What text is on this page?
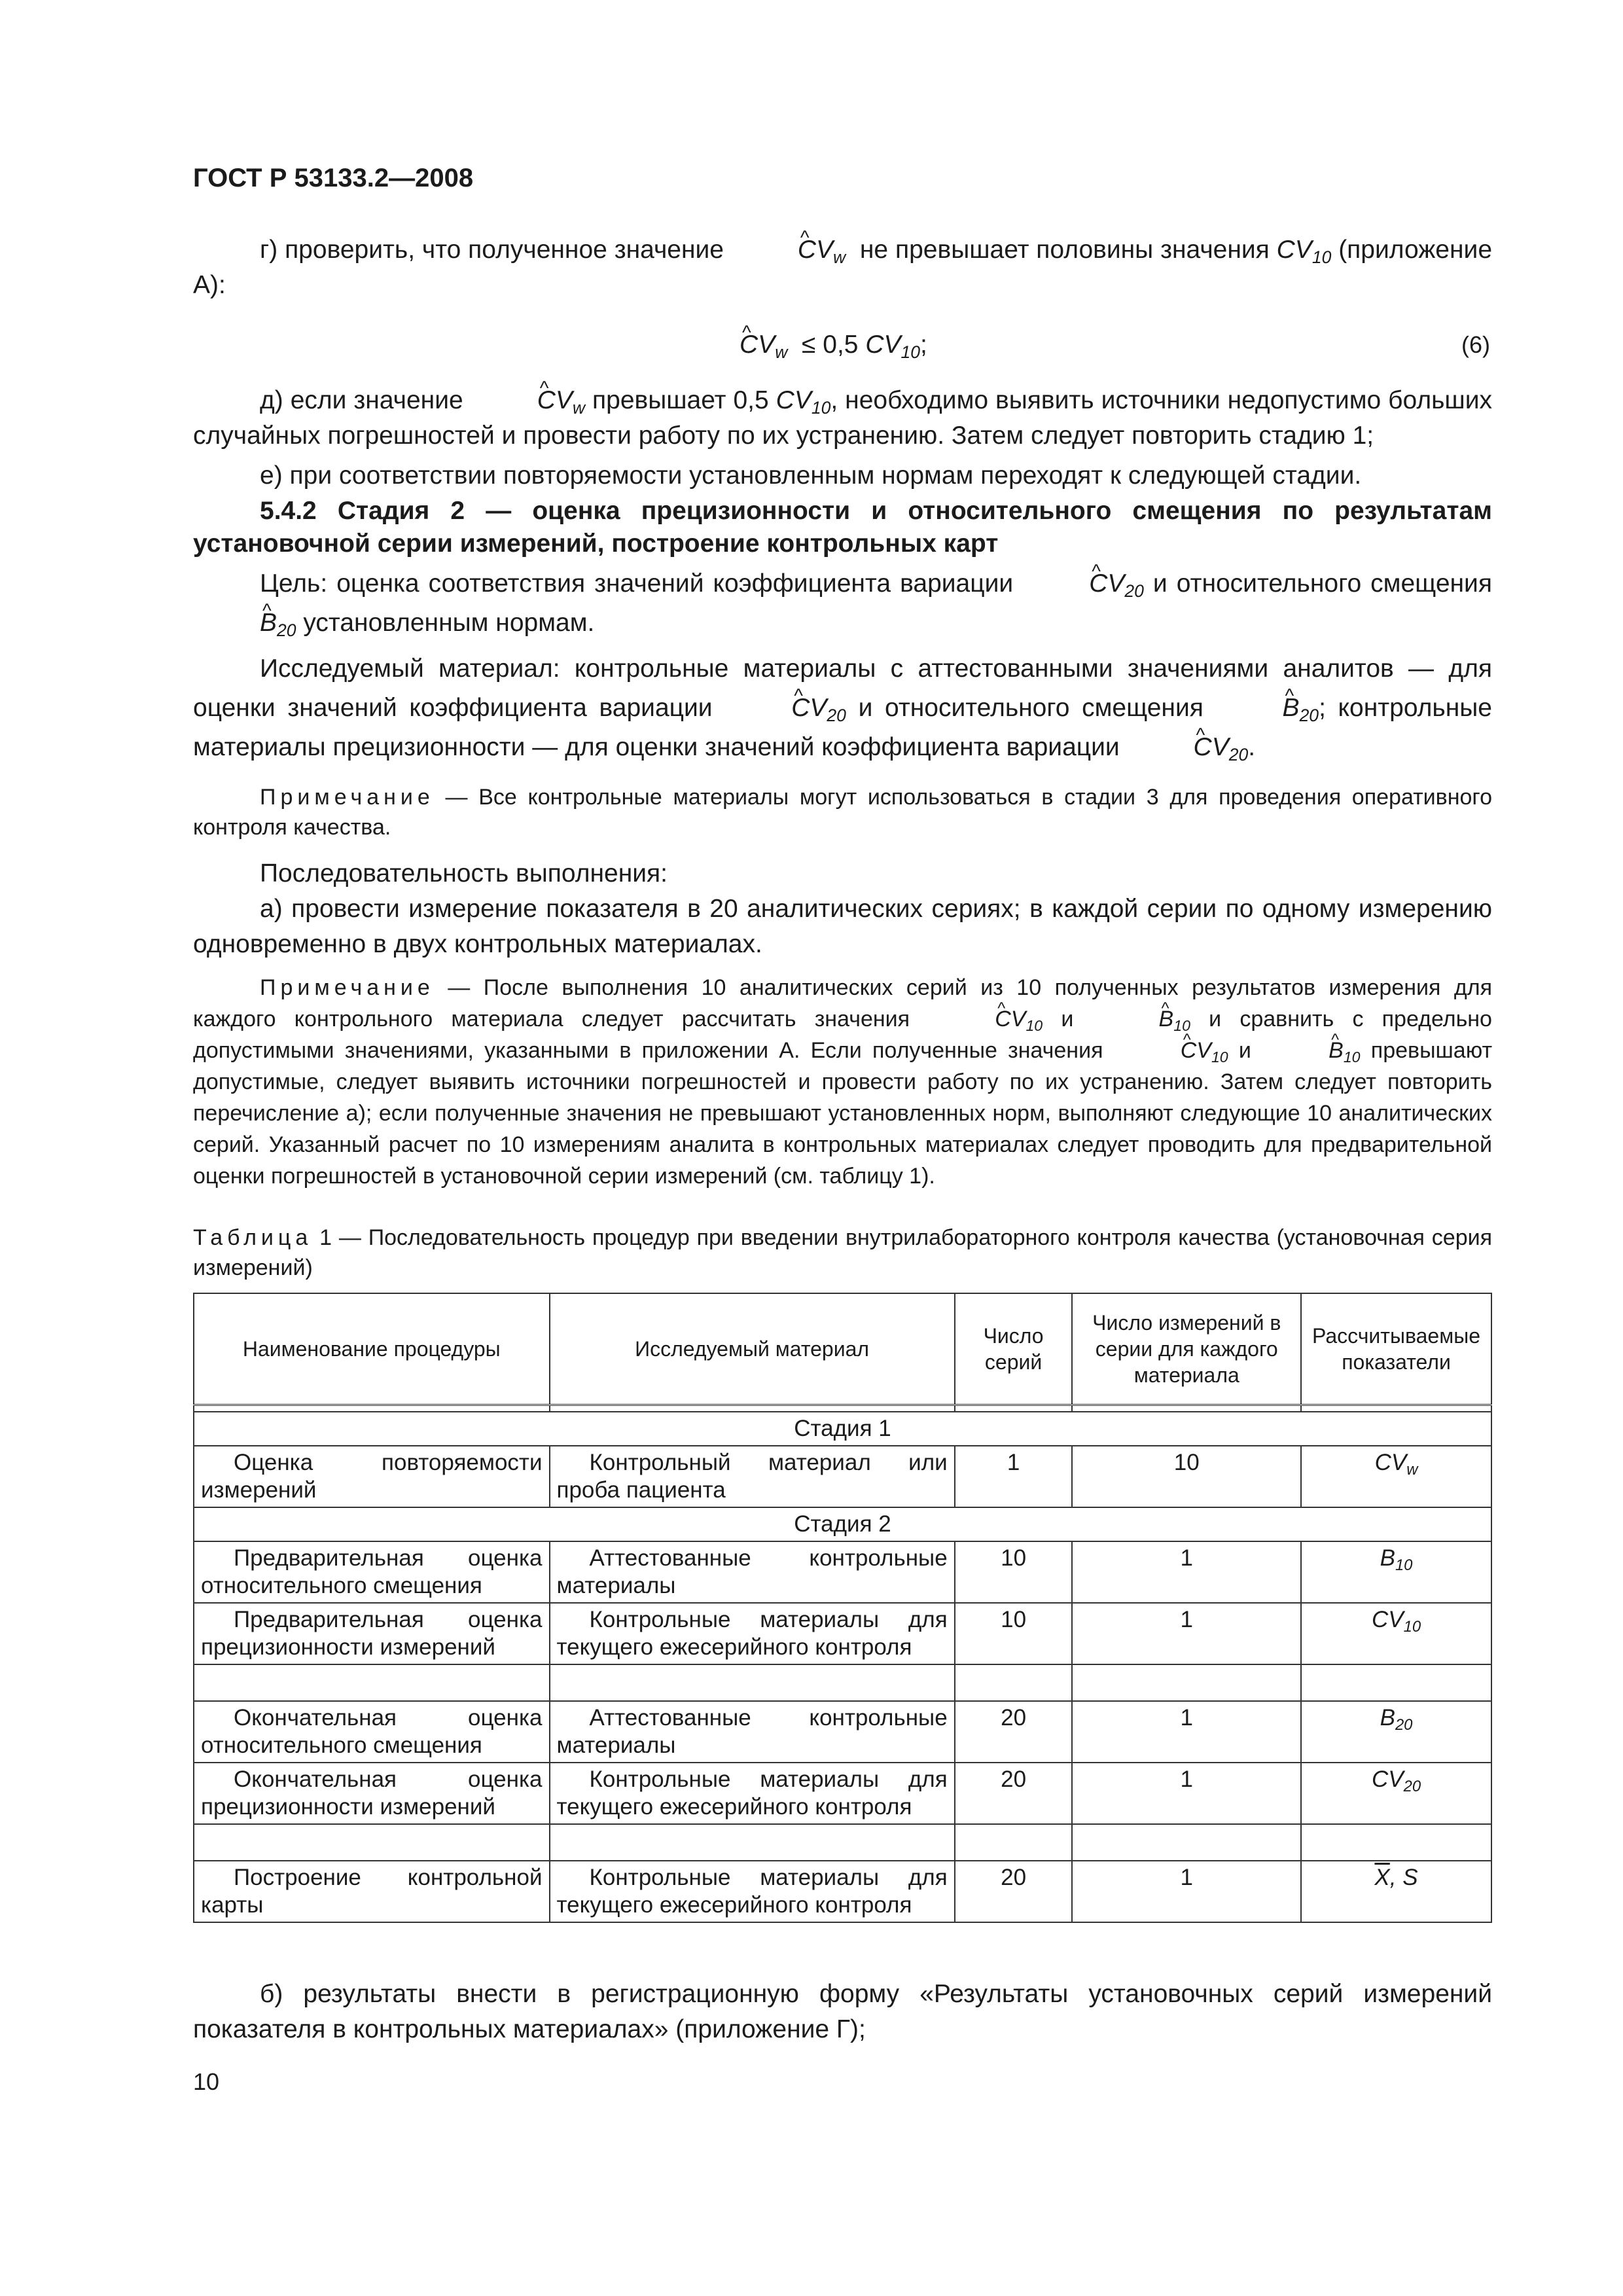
ГОСТ Р 53133.2—2008
г) проверить, что полученное значение	^ $CV_w$ не превышает половины значения $CV_{10}$ (приложение А):
^ $CV_w \le 0,5$ $CV_{10}$;	(6)
д) если значение	^ $CV_w$ превышает 0,5 $CV_{10}$, необходимо выявить источники недопустимо больших случайных погрешностей и провести работу по их устранению. Затем следует повторить стадию 1;
е) при соответствии повторяемости установленным нормам переходят к следующей стадии.
5.4.2 Стадия 2 — оценка прецизионности и относительного смещения по результатам установочной серии измерений, построение контрольных карт
Цель: оценка соответствия значений коэффициента вариации	^ $CV_{20}$ и относительного смещения ^ $B_{20}$ установленным нормам.
Исследуемый материал: контрольные материалы с аттестованными значениями аналитов — для оценки значений коэффициента вариации	^ $CV_{20}$ и относительного смещения	^ $B_{20}$; контрольные материалы прецизионности — для оценки значений коэффициента вариации	^ $CV_{20}$.
Примечание — Все контрольные материалы могут использоваться в стадии 3 для проведения оперативного контроля качества.
Последовательность выполнения:
а) провести измерение показателя в 20 аналитических сериях; в каждой серии по одному измерению одновременно в двух контрольных материалах.
Примечание — После выполнения 10 аналитических серий из 10 полученных результатов измерения для каждого контрольного материала следует рассчитать значения	^ $CV_{10}$ и	^ $B_{10}$ и сравнить с предельно допустимыми значениями, указанными в приложении А. Если полученные значения	^ $CV_{10}$ и	^ $B_{10}$ превышают допустимые, следует выявить источники погрешностей и провести работу по их устранению. Затем следует повторить перечисление а); если полученные значения не превышают установленных норм, выполняют следующие 10 аналитических серий. Указанный расчет по 10 измерениям аналита в контрольных материалах следует проводить для предварительной оценки погрешностей в установочной серии измерений (см. таблицу 1).
Таблица 1 — Последовательность процедур при введении внутрилабораторного контроля качества (установочная серия измерений)
Наименование процедуры	Исследуемый материал	Число серий	Число измерений в серии для каждого материала	Рассчитываемые показатели

Стадия 1				
Оценка повторяемости измерений	Контрольный материал или проба пациента	1	10	$CV_w$
Стадия 2				
Предварительная оценка относительного смещения	Аттестованные контрольные материалы	10	1	$B_{10}$
Предварительная оценка прецизионности измерений	Контрольные материалы для текущего ежесерийного контроля	10	1	$CV_{10}$

Окончательная оценка относительного смещения	Аттестованные контрольные материалы	20	1	$B_{20}$
Окончательная оценка прецизионности измерений	Контрольные материалы для текущего ежесерийного контроля	20	1	$CV_{20}$

Построение контрольной карты	Контрольные материалы для текущего ежесерийного контроля	20	1	$\overline{X}$, S
б) результаты внести в регистрационную форму «Результаты установочных серий измерений показателя в контрольных материалах» (приложение Г);
10
